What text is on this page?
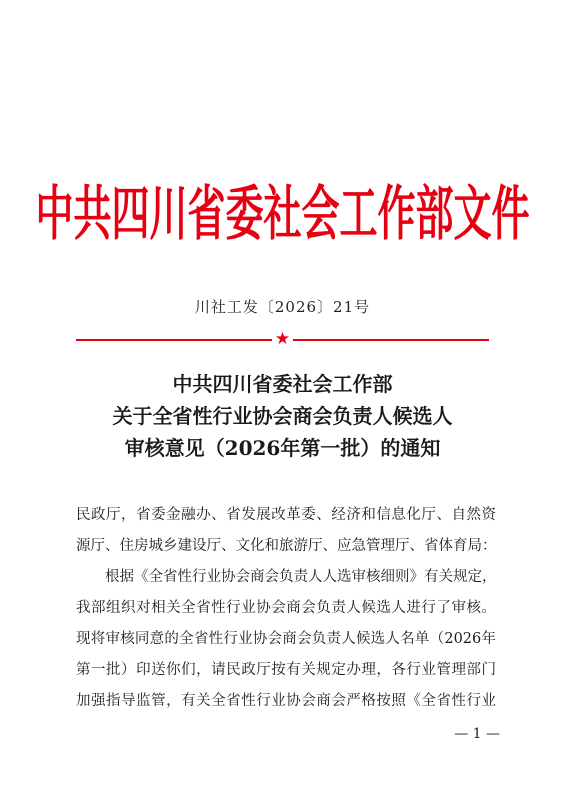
中共四川省委社会工作部文件
川社工发〔2026〕21号
★
中共四川省委社会工作部
关于全省性行业协会商会负责人候选人
审核意见（2026年第一批）的通知
民政厅，省委金融办、省发展改革委、经济和信息化厅、自然资
源厅、住房城乡建设厅、文化和旅游厅、应急管理厅、省体育局：
根据《全省性行业协会商会负责人人选审核细则》有关规定，
我部组织对相关全省性行业协会商会负责人候选人进行了审核。
现将审核同意的全省性行业协会商会负责人候选人名单（2026年
第一批）印送你们，请民政厅按有关规定办理，各行业管理部门
加强指导监管，有关全省性行业协会商会严格按照《全省性行业
— 1 —
